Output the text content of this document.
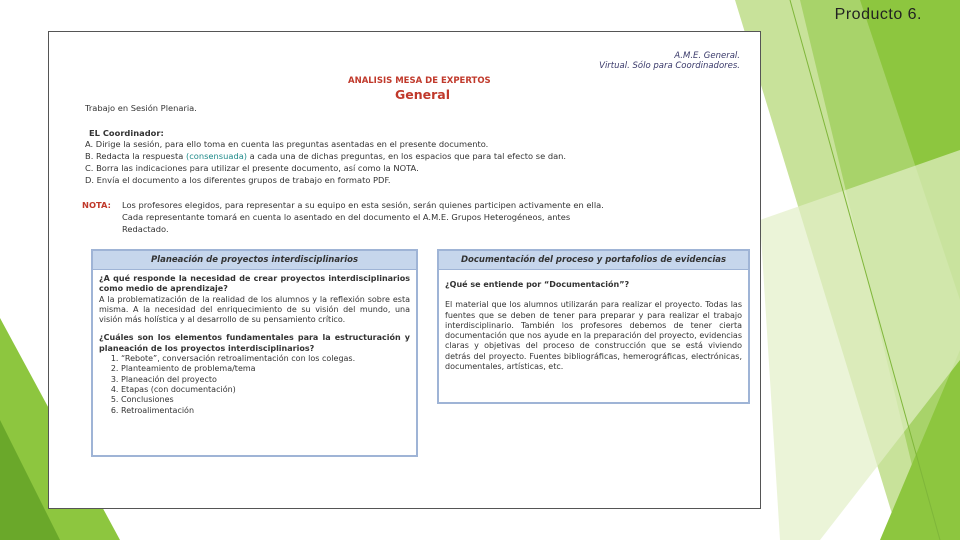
Producto 6.
A.M.E. General.
Virtual. Sólo para Coordinadores.
ANALISIS MESA DE EXPERTOS
General
Trabajo en Sesión Plenaria.
EL Coordinador:
A. Dirige la sesión, para ello toma en cuenta las preguntas asentadas en el presente documento.
B. Redacta la respuesta (consensuada) a cada una de dichas preguntas, en los espacios que para tal efecto se dan.
C. Borra las indicaciones para utilizar el presente documento, así como la NOTA.
D. Envía el documento a los diferentes grupos de trabajo en formato PDF.
NOTA: Los profesores elegidos, para representar a su equipo en esta sesión, serán quienes participen activamente en ella.
Cada representante tomará en cuenta lo asentado en del documento el A.M.E. Grupos Heterogéneos, antes
Redactado.
Planeación de proyectos interdisciplinarios

¿A qué responde la necesidad de crear proyectos interdisciplinarios como medio de aprendizaje?

A la problematización de la realidad de los alumnos y la reflexión sobre esta misma. A la necesidad del enriquecimiento de su visión del mundo, una visión más holística y al desarrollo de su pensamiento crítico.

¿Cuáles son los elementos fundamentales para la estructuración y planeación de los proyectos interdisciplinarios?

1. “Rebote”, conversación retroalimentación con los colegas.
2. Planteamiento de problema/tema
3. Planeación del proyecto
4. Etapas (con documentación)
5. Conclusiones
6. Retroalimentación
Documentación del proceso y portafolios de evidencias

¿Qué se entiende por “Documentación”?

El material que los alumnos utilizarán para realizar el proyecto. Todas las fuentes que se deben de tener para preparar y para realizar el trabajo interdisciplinario. También los profesores debemos de tener cierta documentación que nos ayude en la preparación del proyecto, evidencias claras y objetivas del proceso de construcción que se está viviendo detrás del proyecto. Fuentes bibliográficas, hemerográficas, electrónicas, documentales, artísticas, etc.
